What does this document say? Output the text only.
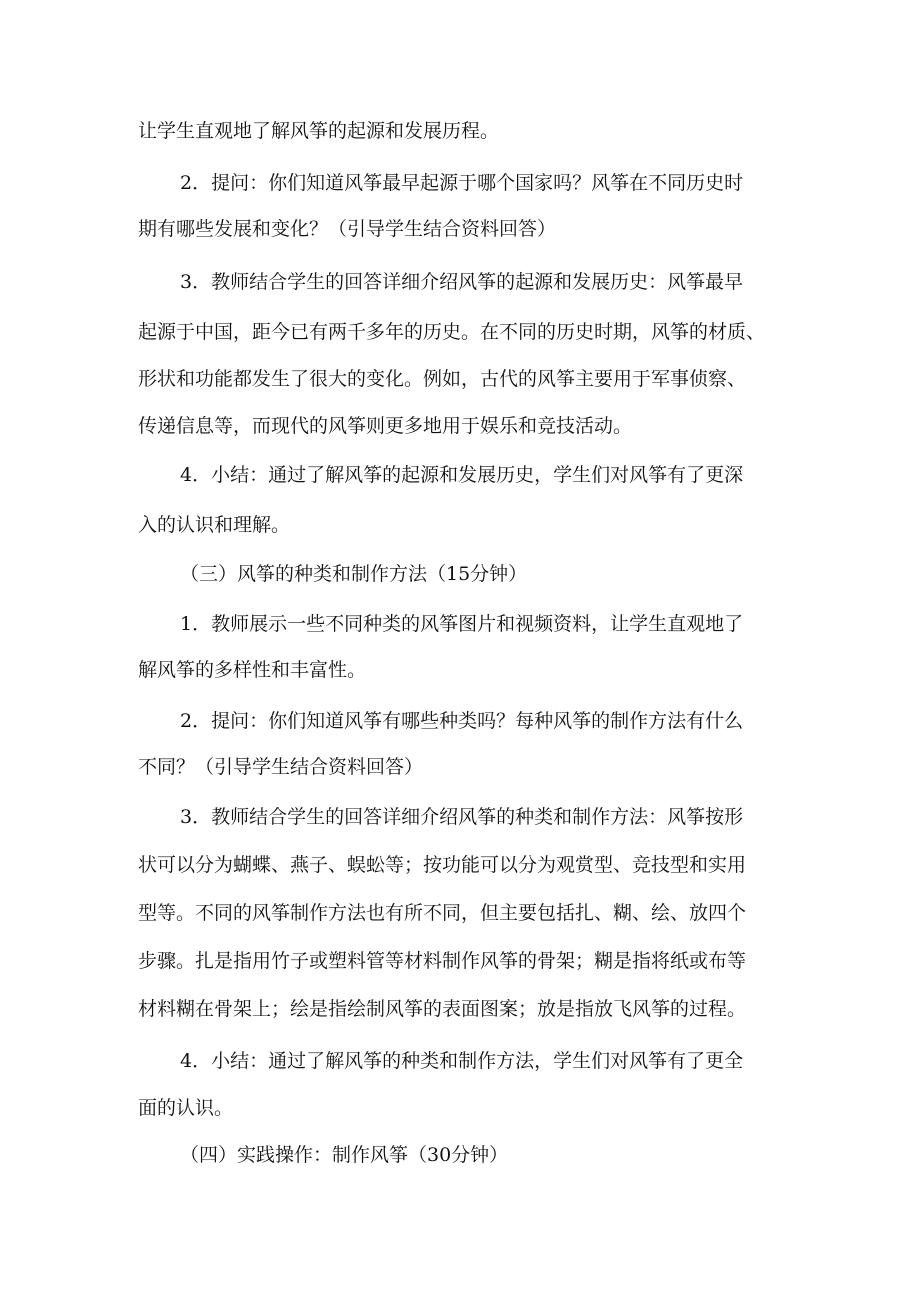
让学生直观地了解风筝的起源和发展历程。

2．提问：你们知道风筝最早起源于哪个国家吗？风筝在不同历史时

期有哪些发展和变化？（引导学生结合资料回答）

3．教师结合学生的回答详细介绍风筝的起源和发展历史：风筝最早

起源于中国，距今已有两千多年的历史。在不同的历史时期，风筝的材质、

形状和功能都发生了很大的变化。例如，古代的风筝主要用于军事侦察、

传递信息等，而现代的风筝则更多地用于娱乐和竞技活动。

4．小结：通过了解风筝的起源和发展历史，学生们对风筝有了更深

入的认识和理解。

（三）风筝的种类和制作方法（15分钟）

1．教师展示一些不同种类的风筝图片和视频资料，让学生直观地了

解风筝的多样性和丰富性。

2．提问：你们知道风筝有哪些种类吗？每种风筝的制作方法有什么

不同？（引导学生结合资料回答）

3．教师结合学生的回答详细介绍风筝的种类和制作方法：风筝按形

状可以分为蝴蝶、燕子、蜈蚣等；按功能可以分为观赏型、竞技型和实用

型等。不同的风筝制作方法也有所不同，但主要包括扎、糊、绘、放四个

步骤。扎是指用竹子或塑料管等材料制作风筝的骨架；糊是指将纸或布等

材料糊在骨架上；绘是指绘制风筝的表面图案；放是指放飞风筝的过程。

4．小结：通过了解风筝的种类和制作方法，学生们对风筝有了更全

面的认识。

（四）实践操作：制作风筝（30分钟）
